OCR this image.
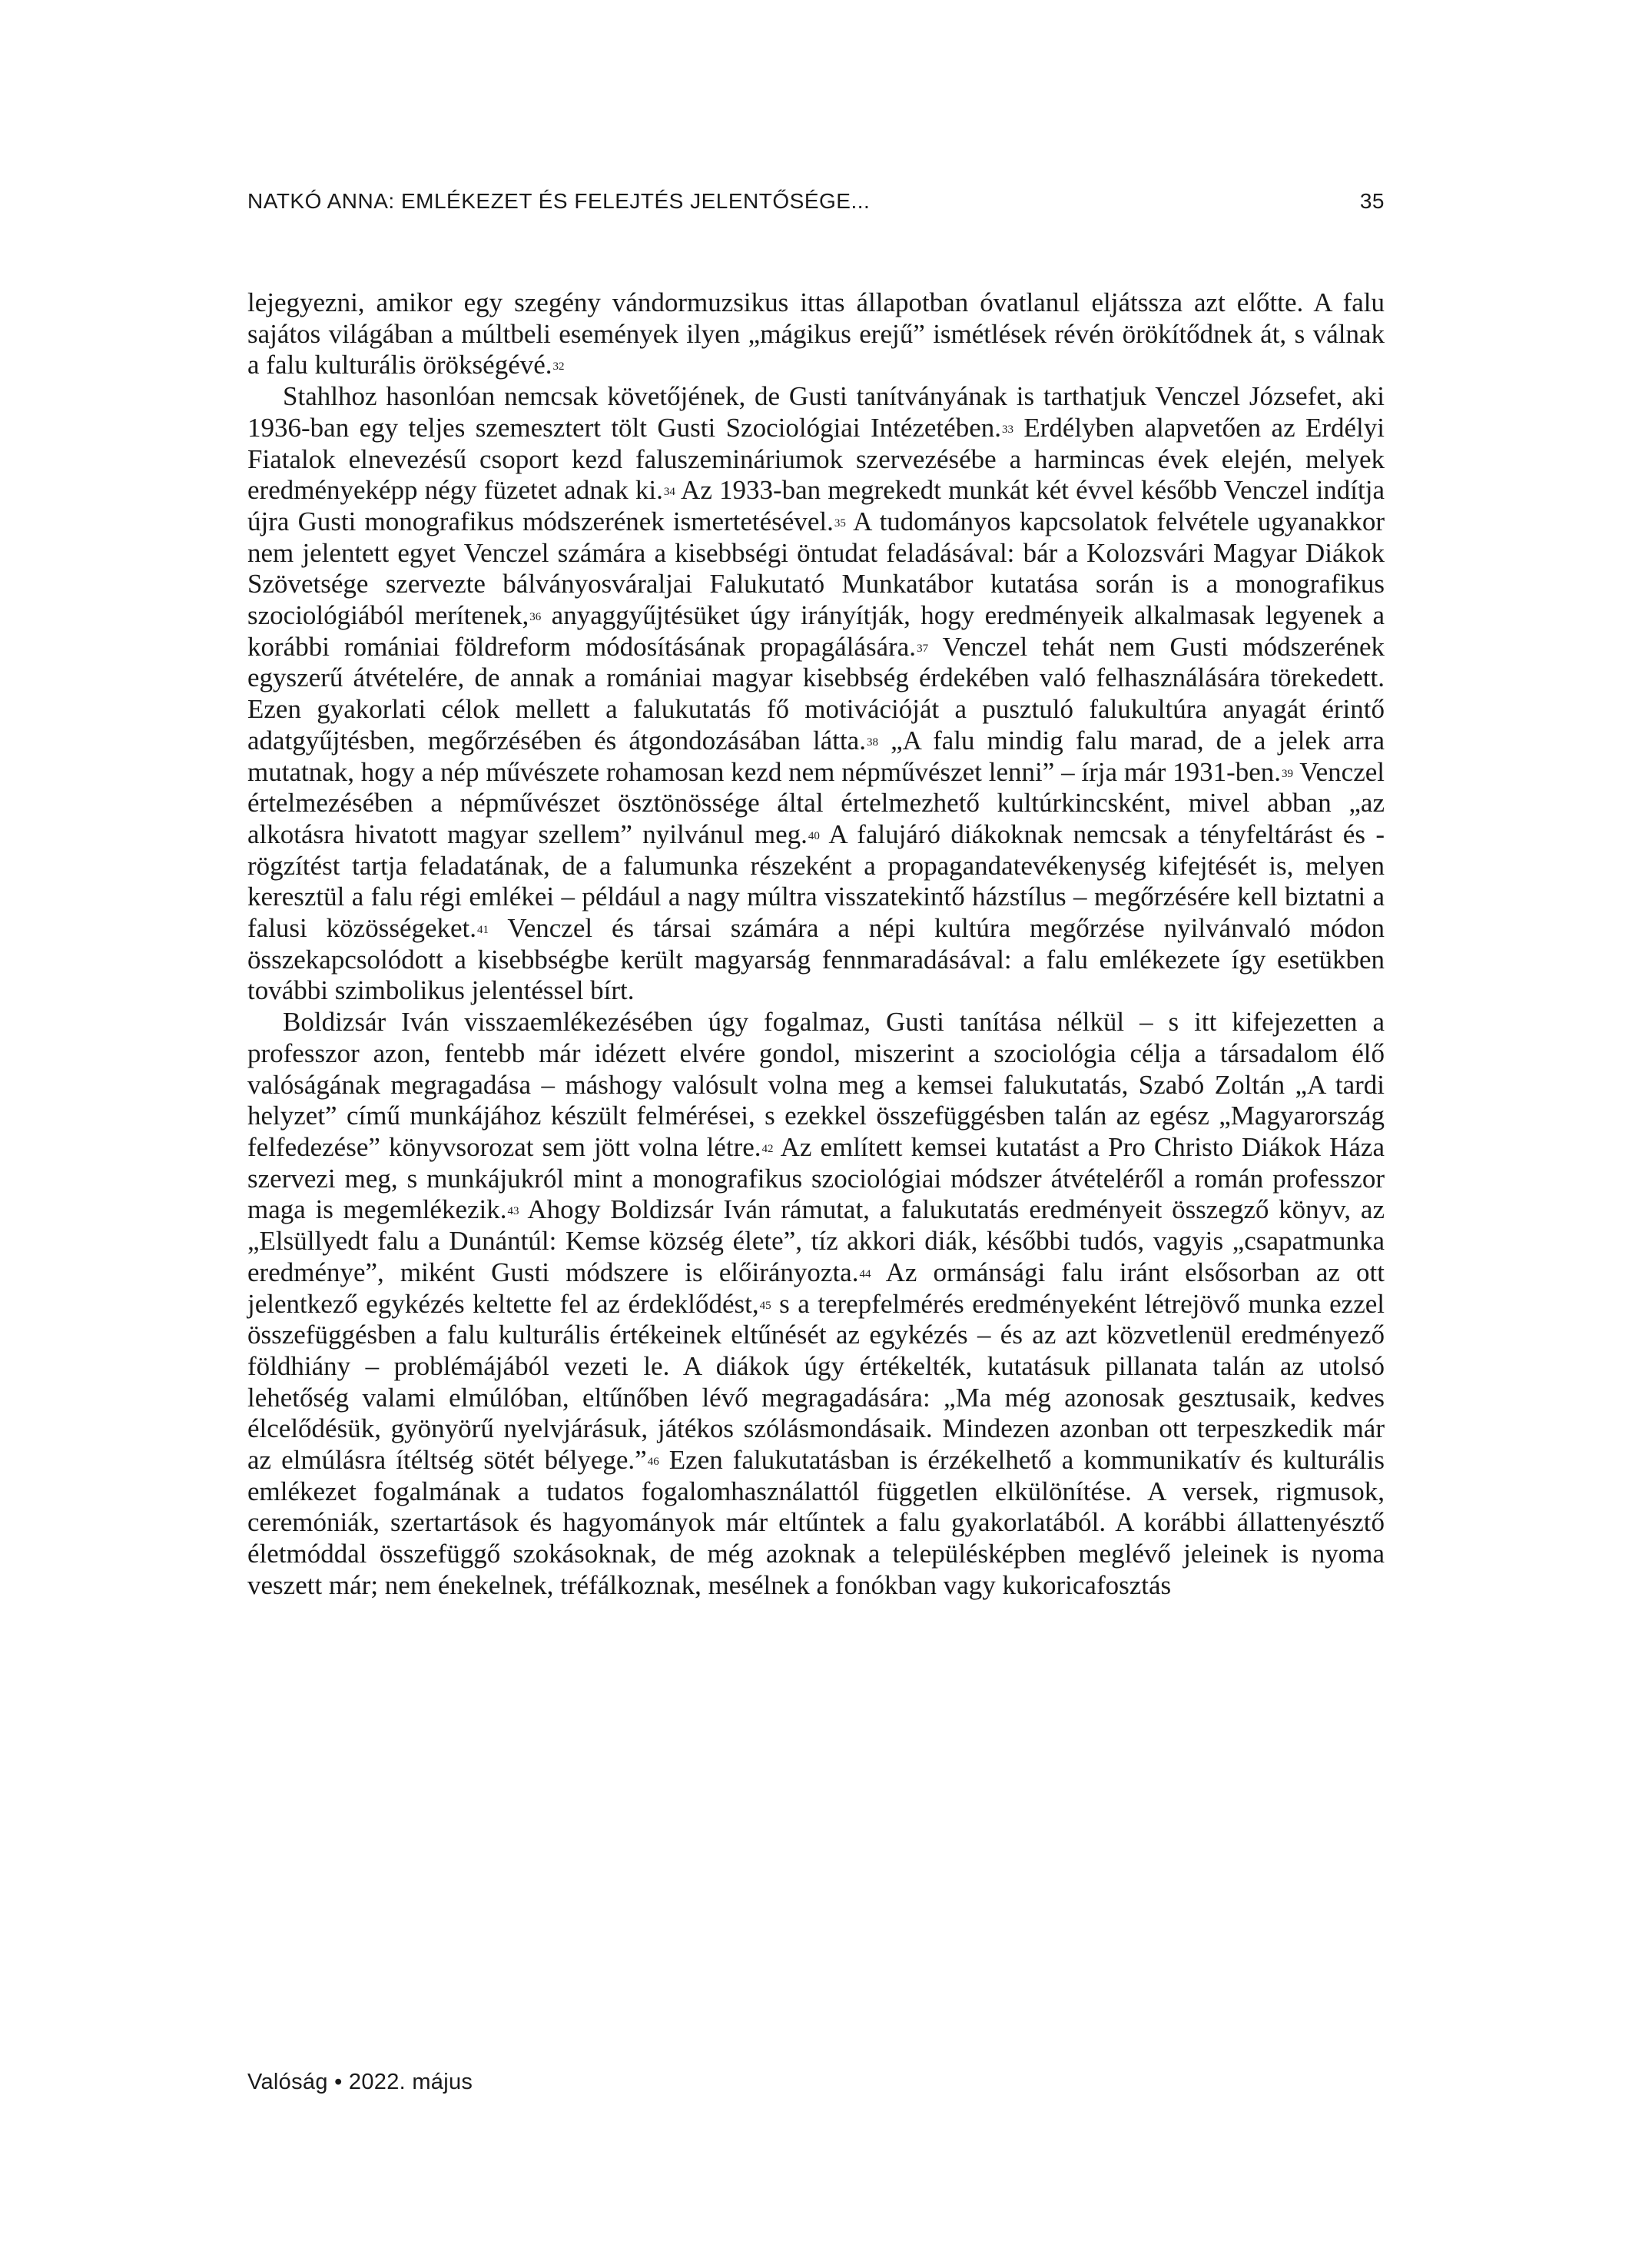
NATKÓ ANNA: EMLÉKEZET ÉS FELEJTÉS JELENTŐSÉGE...	35

lejegyezni, amikor egy szegény vándormuzsikus ittas állapotban óvatlanul eljátssza azt előtte. A falu sajátos világában a múltbeli események ilyen „mágikus erejű” ismétlések révén örökítődnek át, s válnak a falu kulturális örökségévé.$^{32}$

Stahlhoz hasonlóan nemcsak követőjének, de Gusti tanítványának is tarthatjuk Venczel Józsefet, aki 1936-ban egy teljes szemesztert tölt Gusti Szociológiai Intézetében.$^{33}$ Erdélyben alapvetően az Erdélyi Fiatalok elnevezésű csoport kezd faluszemináriumok szervezésébe a harmincas évek elején, melyek eredményeképp négy füzetet adnak ki.$^{34}$ Az 1933-ban megrekedt munkát két évvel később Venczel indítja újra Gusti monografikus módszerének ismertetésével.$^{35}$ A tudományos kapcsolatok felvétele ugyanakkor nem jelentett egyet Venczel számára a kisebbségi öntudat feladásával: bár a Kolozsvári Magyar Diákok Szövetsége szervezte bálványosváraljai Falukutató Munkatábor kutatása során is a monografikus szociológiából merítenek,$^{36}$ anyaggyűjtésüket úgy irányítják, hogy eredményeik alkalmasak legyenek a korábbi romániai földreform módosításának propagálására.$^{37}$ Venczel tehát nem Gusti módszerének egyszerű átvételére, de annak a romániai magyar kisebbség érdekében való felhasználására törekedett. Ezen gyakorlati célok mellett a falukutatás fő motivációját a pusztuló falukultúra anyagát érintő adatgyűjtésben, megőrzésében és átgondozásában látta.$^{38}$ „A falu mindig falu marad, de a jelek arra mutatnak, hogy a nép művészete rohamosan kezd nem népművészet lenni” – írja már 1931-ben.$^{39}$ Venczel értelmezésében a népművészet ösztönössége által értelmezhető kultúrkincsként, mivel abban „az alkotásra hivatott magyar szellem” nyilvánul meg.$^{40}$ A falujáró diákoknak nemcsak a tényfeltárást és -rögzítést tartja feladatának, de a falumunka részeként a propagandatevékenység kifejtését is, melyen keresztül a falu régi emlékei – például a nagy múltra visszatekintő házstílus – megőrzésére kell biztatni a falusi közösségeket.$^{41}$ Venczel és társai számára a népi kultúra megőrzése nyilvánvaló módon összekapcsolódott a kisebbségbe került magyarság fennmaradásával: a falu emlékezete így esetükben további szimbolikus jelentéssel bírt.

Boldizsár Iván visszaemlékezésében úgy fogalmaz, Gusti tanítása nélkül – s itt kifejezetten a professzor azon, fentebb már idézett elvére gondol, miszerint a szociológia célja a társadalom élő valóságának megragadása – máshogy valósult volna meg a kemsei falukutatás, Szabó Zoltán „A tardi helyzet” című munkájához készült felmérései, s ezekkel összefüggésben talán az egész „Magyarország felfedezése” könyvsorozat sem jött volna létre.$^{42}$ Az említett kemsei kutatást a Pro Christo Diákok Háza szervezi meg, s munkájukról mint a monografikus szociológiai módszer átvételéről a román professzor maga is megemlékezik.$^{43}$ Ahogy Boldizsár Iván rámutat, a falukutatás eredményeit összegző könyv, az „Elsüllyedt falu a Dunántúl: Kemse község élete”, tíz akkori diák, későbbi tudós, vagyis „csapatmunka eredménye”, miként Gusti módszere is előirányozta.$^{44}$ Az ormánsági falu iránt elsősorban az ott jelentkező egykézés keltette fel az érdeklődést,$^{45}$ s a terepfelmérés eredményeként létrejövő munka ezzel összefüggésben a falu kulturális értékeinek eltűnését az egykézés – és az azt közvetlenül eredményező földhiány – problémájából vezeti le. A diákok úgy értékelték, kutatásuk pillanata talán az utolsó lehetőség valami elmúlóban, eltűnőben lévő megragadására: „Ma még azonosak gesztusaik, kedves élcelődésük, gyönyörű nyelvjárásuk, játékos szólásmondásaik. Mindezen azonban ott terpeszkedik már az elmúlásra ítéltség sötét bélyege.”$^{46}$ Ezen falukutatásban is érzékelhető a kommunikatív és kulturális emlékezet fogalmának a tudatos fogalomhasználattól független elkülönítése. A versek, rigmusok, ceremóniák, szertartások és hagyományok már eltűntek a falu gyakorlatából. A korábbi állattenyésztő életmóddal összefüggő szokásoknak, de még azoknak a településképben meglévő jeleinek is nyoma veszett már; nem énekelnek, tréfálkoznak, mesélnek a fonókban vagy kukoricafosztás

Valóság • 2022. május
